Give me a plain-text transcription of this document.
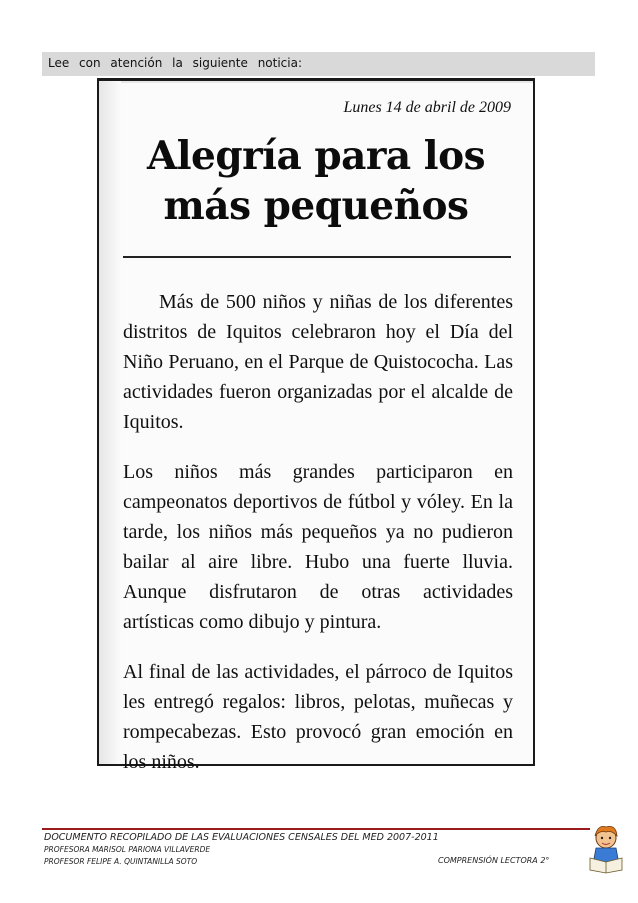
Lee con atención la siguiente noticia:
Lunes 14 de abril de 2009
Alegría para los
más pequeños

Más de 500 niños y niñas de los diferentes distritos de Iquitos celebraron hoy el Día del Niño Peruano, en el Parque de Quistococha. Las actividades fueron organizadas por el alcalde de Iquitos.

Los niños más grandes participaron en campeonatos deportivos de fútbol y vóley. En la tarde, los niños más pequeños ya no pudieron bailar al aire libre. Hubo una fuerte lluvia. Aunque disfrutaron de otras actividades artísticas como dibujo y pintura.

Al final de las actividades, el párroco de Iquitos les entregó regalos: libros, pelotas, muñecas y rompecabezas. Esto provocó gran emoción en los niños.

DOCUMENTO RECOPILADO DE LAS EVALUACIONES CENSALES DEL MED 2007-2011
PROFESORA MARISOL PARIONA VILLAVERDE
PROFESOR FELIPE A. QUINTANILLA SOTO	COMPRENSIÓN LECTORA 2°
